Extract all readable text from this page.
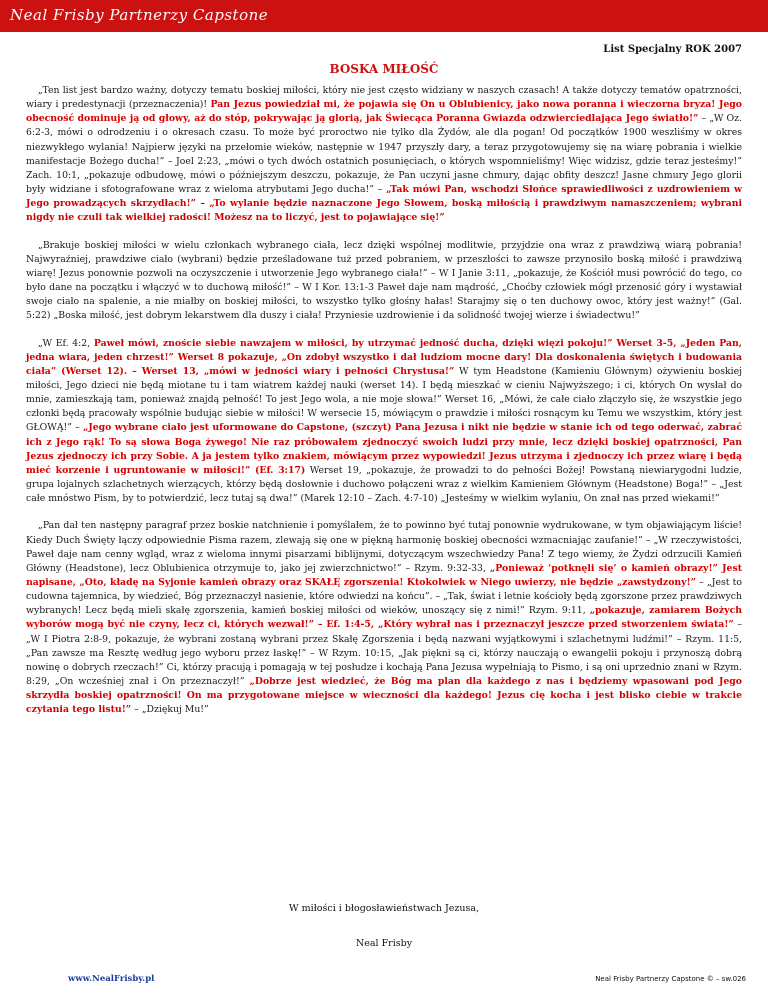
Neal Frisby Partnerzy Capstone
List Specjalny ROK 2007
BOSKA MIŁOŚĆ

„Ten list jest bardzo ważny, dotyczy tematu boskiej miłości, który nie jest często widziany w naszych czasach! A także dotyczy tematów opatrzności, wiary i predestynacji (przeznaczenia)! Pan Jezus powiedział mi, że pojawia się On u Oblubienicy, jako nowa poranna i wieczorna bryza! Jego obecność dominuje ją od głowy, aż do stóp, pokrywając ją glorią, jak Świecąca Poranna Gwiazda odzwierciedlająca Jego światło!” – „W Oz. 6:2-3, mówi o odrodzeniu i o okresach czasu. To może być proroctwo nie tylko dla Żydów, ale dla pogan! Od początków 1900 weszliśmy w okres niezwykłego wylania! Najpierw języki na przełomie wieków, następnie w 1947 przyszły dary, a teraz przygotowujemy się na wiarę pobrania i wielkie manifestacje Bożego ducha!” – Joel 2:23, „mówi o tych dwóch ostatnich posunięciach, o których wspomnieliśmy! Więc widzisz, gdzie teraz jesteśmy!” Zach. 10:1, „pokazuje odbudowę, mówi o późniejszym deszczu, pokazuje, że Pan uczyni jasne chmury, dając obfity deszcz! Jasne chmury Jego glorii były widziane i sfotografowane wraz z wieloma atrybutami Jego ducha!” – „Tak mówi Pan, wschodzi Słońce sprawiedliwości z uzdrowieniem w Jego prowadzących skrzydłach!” – „To wylanie będzie naznaczone Jego Słowem, boską miłością i prawdziwym namaszczeniem; wybrani nigdy nie czuli tak wielkiej radości! Możesz na to liczyć, jest to pojawiające się!”

„Brakuje boskiej miłości w wielu członkach wybranego ciała, lecz dzięki wspólnej modlitwie, przyjdzie ona wraz z prawdziwą wiarą pobrania! Najwyraźniej, prawdziwe ciało (wybrani) będzie prześladowane tuż przed pobraniem, w przeszłości to zawsze przynosiło boską miłość i prawdziwą wiarę! Jezus ponownie pozwoli na oczyszczenie i utworzenie Jego wybranego ciała!” – W I Janie 3:11, „pokazuje, że Kościół musi powrócić do tego, co było dane na początku i włączyć w to duchową miłość!” – W I Kor. 13:1-3 Paweł daje nam mądrość, „Choćby człowiek mógł przenosić góry i wystawiał swoje ciało na spalenie, a nie miałby on boskiej miłości, to wszystko tylko głośny hałas! Starajmy się o ten duchowy owoc, który jest ważny!” (Gal. 5:22) „Boska miłość, jest dobrym lekarstwem dla duszy i ciała! Przyniesie uzdrowienie i da solidność twojej wierze i świadectwu!”

„W Ef. 4:2, Paweł mówi, znoście siebie nawzajem w miłości, by utrzymać jedność ducha, dzięki więzi pokoju!” Werset 3-5, „Jeden Pan, jedna wiara, jeden chrzest!” Werset 8 pokazuje, „On zdobył wszystko i dał ludziom mocne dary! Dla doskonalenia świętych i budowania ciała” (Werset 12). – Werset 13, „mówi w jedności wiary i pełności Chrystusa!” W tym Headstone (Kamieniu Głównym) ożywieniu boskiej miłości, Jego dzieci nie będą miotane tu i tam wiatrem każdej nauki (werset 14). I będą mieszkać w cieniu Najwyższego; i ci, których On wysłał do mnie, zamieszkają tam, ponieważ znajdą pełność! To jest Jego wola, a nie moje słowa!” Werset 16, „Mówi, że całe ciało złączyło się, że wszystkie jego członki będą pracowały wspólnie budując siebie w miłości! W wersecie 15, mówiącym o prawdzie i miłości rosnącym ku Temu we wszystkim, który jest GŁOWĄ!” – „Jego wybrane ciało jest uformowane do Capstone, (szczyt) Pana Jezusa i nikt nie będzie w stanie ich od tego oderwać, zabrać ich z Jego rąk! To są słowa Boga żywego! Nie raz próbowałem zjednoczyć swoich ludzi przy mnie, lecz dzięki boskiej opatrzności, Pan Jezus zjednoczy ich przy Sobie. A ja jestem tylko znakiem, mówiącym przez wypowiedzi! Jezus utrzyma i zjednoczy ich przez wiarę i będą mieć korzenie i ugruntowanie w miłości!” (Ef. 3:17) Werset 19, „pokazuje, że prowadzi to do pełności Bożej! Powstaną niewiarygodni ludzie, grupa lojalnych szlachetnych wierzących, którzy będą dosłownie i duchowo połączeni wraz z wielkim Kamieniem Głównym (Headstone) Boga!” – „Jest całe mnóstwo Pism, by to potwierdzić, lecz tutaj są dwa!” (Marek 12:10 – Zach. 4:7-10) „Jesteśmy w wielkim wylaniu, On znał nas przed wiekami!”

„Pan dał ten następny paragraf przez boskie natchnienie i pomyślałem, że to powinno być tutaj ponownie wydrukowane, w tym objawiającym liście! Kiedy Duch Święty łączy odpowiednie Pisma razem, zlewają się one w piękną harmonię boskiej obecności wzmacniając zaufanie!” – „W rzeczywistości, Paweł daje nam cenny wgląd, wraz z wieloma innymi pisarzami biblijnymi, dotyczącym wszechwiedzy Pana! Z tego wiemy, że Żydzi odrzucili Kamień Główny (Headstone), lecz Oblubienica otrzymuje to, jako jej zwierzchnictwo!” – Rzym. 9:32-33, „Ponieważ ‘potknęli się’ o kamień obrazy!” Jest napisane, „Oto, kładę na Syjonie kamień obrazy oraz SKAŁĘ zgorszenia! Ktokolwiek w Niego uwierzy, nie będzie „zawstydzony!” – „Jest to cudowna tajemnica, by wiedzieć, Bóg przeznaczył nasienie, które odwiedzi na końcu”. – „Tak, świat i letnie kościoły będą zgorszone przez prawdziwych wybranych! Lecz będą mieli skałę zgorszenia, kamień boskiej miłości od wieków, unoszący się z nimi!” Rzym. 9:11, „pokazuje, zamiarem Bożych wyborów mogą być nie czyny, lecz ci, których wezwał!” – Ef. 1:4-5, „Który wybrał nas i przeznaczył jeszcze przed stworzeniem świata!” – „W I Piotra 2:8-9, pokazuje, że wybrani zostaną wybrani przez Skałę Zgorszenia i będą nazwani wyjątkowymi i szlachetnymi ludźmi!” – Rzym. 11:5, „Pan zawsze ma Resztę według jego wyboru przez łaskę!” – W Rzym. 10:15, „Jak piękni są ci, którzy nauczają o ewangelii pokoju i przynoszą dobrą nowinę o dobrych rzeczach!” Ci, którzy pracują i pomagają w tej posłudze i kochają Pana Jezusa wypełniają to Pismo, i są oni uprzednio znani w Rzym. 8:29, „On wcześniej znał i On przeznaczył!” „Dobrze jest wiedzieć, że Bóg ma plan dla każdego z nas i będziemy wpasowani pod Jego skrzydła boskiej opatrzności! On ma przygotowane miejsce w wieczności dla każdego! Jezus cię kocha i jest blisko ciebie w trakcie czytania tego listu!” – „Dziękuj Mu!”

W miłości i błogosławieństwach Jezusa,
Neal Frisby
www.NealFrisby.pl	Neal Frisby Partnerzy Capstone © – sw.026
